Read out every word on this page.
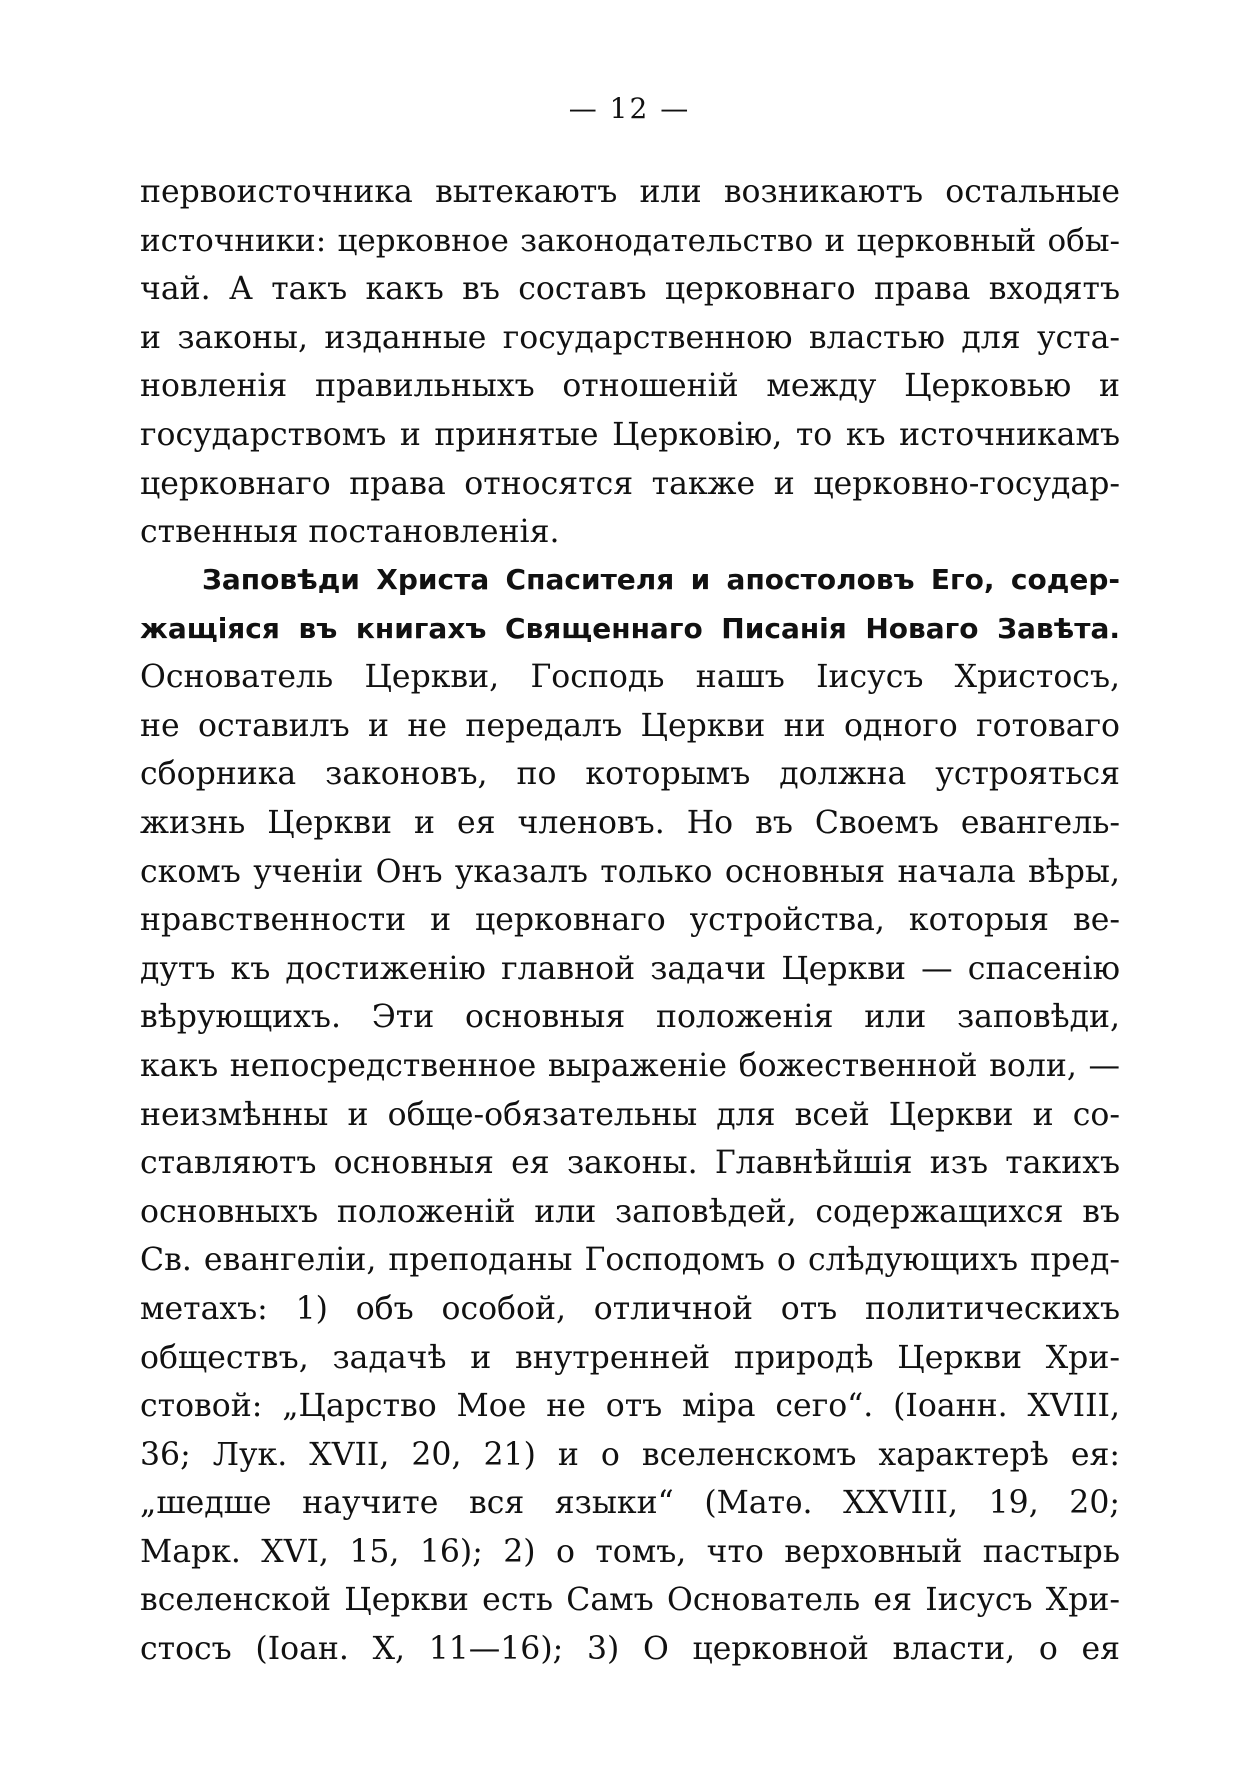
— 12 —
первоисточника вытекаютъ или возникаютъ остальные
источники: церковное законодательство и церковный обы-
чай. А такъ какъ въ составъ церковнаго права входятъ
и законы, изданные государственною властью для уста-
новленія правильныхъ отношеній между Церковью и
государствомъ и принятые Церковію, то къ источникамъ
церковнаго права относятся также и церковно-государ-
ственныя постановленія.
Заповѣди Христа Спасителя и апостоловъ Его, содер-
жащіяся въ книгахъ Священнаго Писанія Новаго Завѣта.
Основатель Церкви, Господь нашъ Іисусъ Христосъ,
не оставилъ и не передалъ Церкви ни одного готоваго
сборника законовъ, по которымъ должна устрояться
жизнь Церкви и ея членовъ. Но въ Своемъ евангель-
скомъ ученіи Онъ указалъ только основныя начала вѣры,
нравственности и церковнаго устройства, которыя ве-
дутъ къ достиженію главной задачи Церкви — спасенію
вѣрующихъ. Эти основныя положенія или заповѣди,
какъ непосредственное выраженіе божественной воли, —
неизмѣнны и обще-обязательны для всей Церкви и со-
ставляютъ основныя ея законы. Главнѣйшія изъ такихъ
основныхъ положеній или заповѣдей, содержащихся въ
Св. евангеліи, преподаны Господомъ о слѣдующихъ пред-
метахъ: 1) объ особой, отличной отъ политическихъ
обществъ, задачѣ и внутренней природѣ Церкви Хри-
стовой: „Царство Мое не отъ міра сего“. (Іоанн. XVIII,
36; Лук. XVII, 20, 21) и о вселенскомъ характерѣ ея:
„шедше научите вся языки“ (Матѳ. XXVIII, 19, 20;
Марк. XVI, 15, 16); 2) о томъ, что верховный пастырь
вселенской Церкви есть Самъ Основатель ея Іисусъ Хри-
стосъ (Іоан. X, 11—16); 3) О церковной власти, о ея
